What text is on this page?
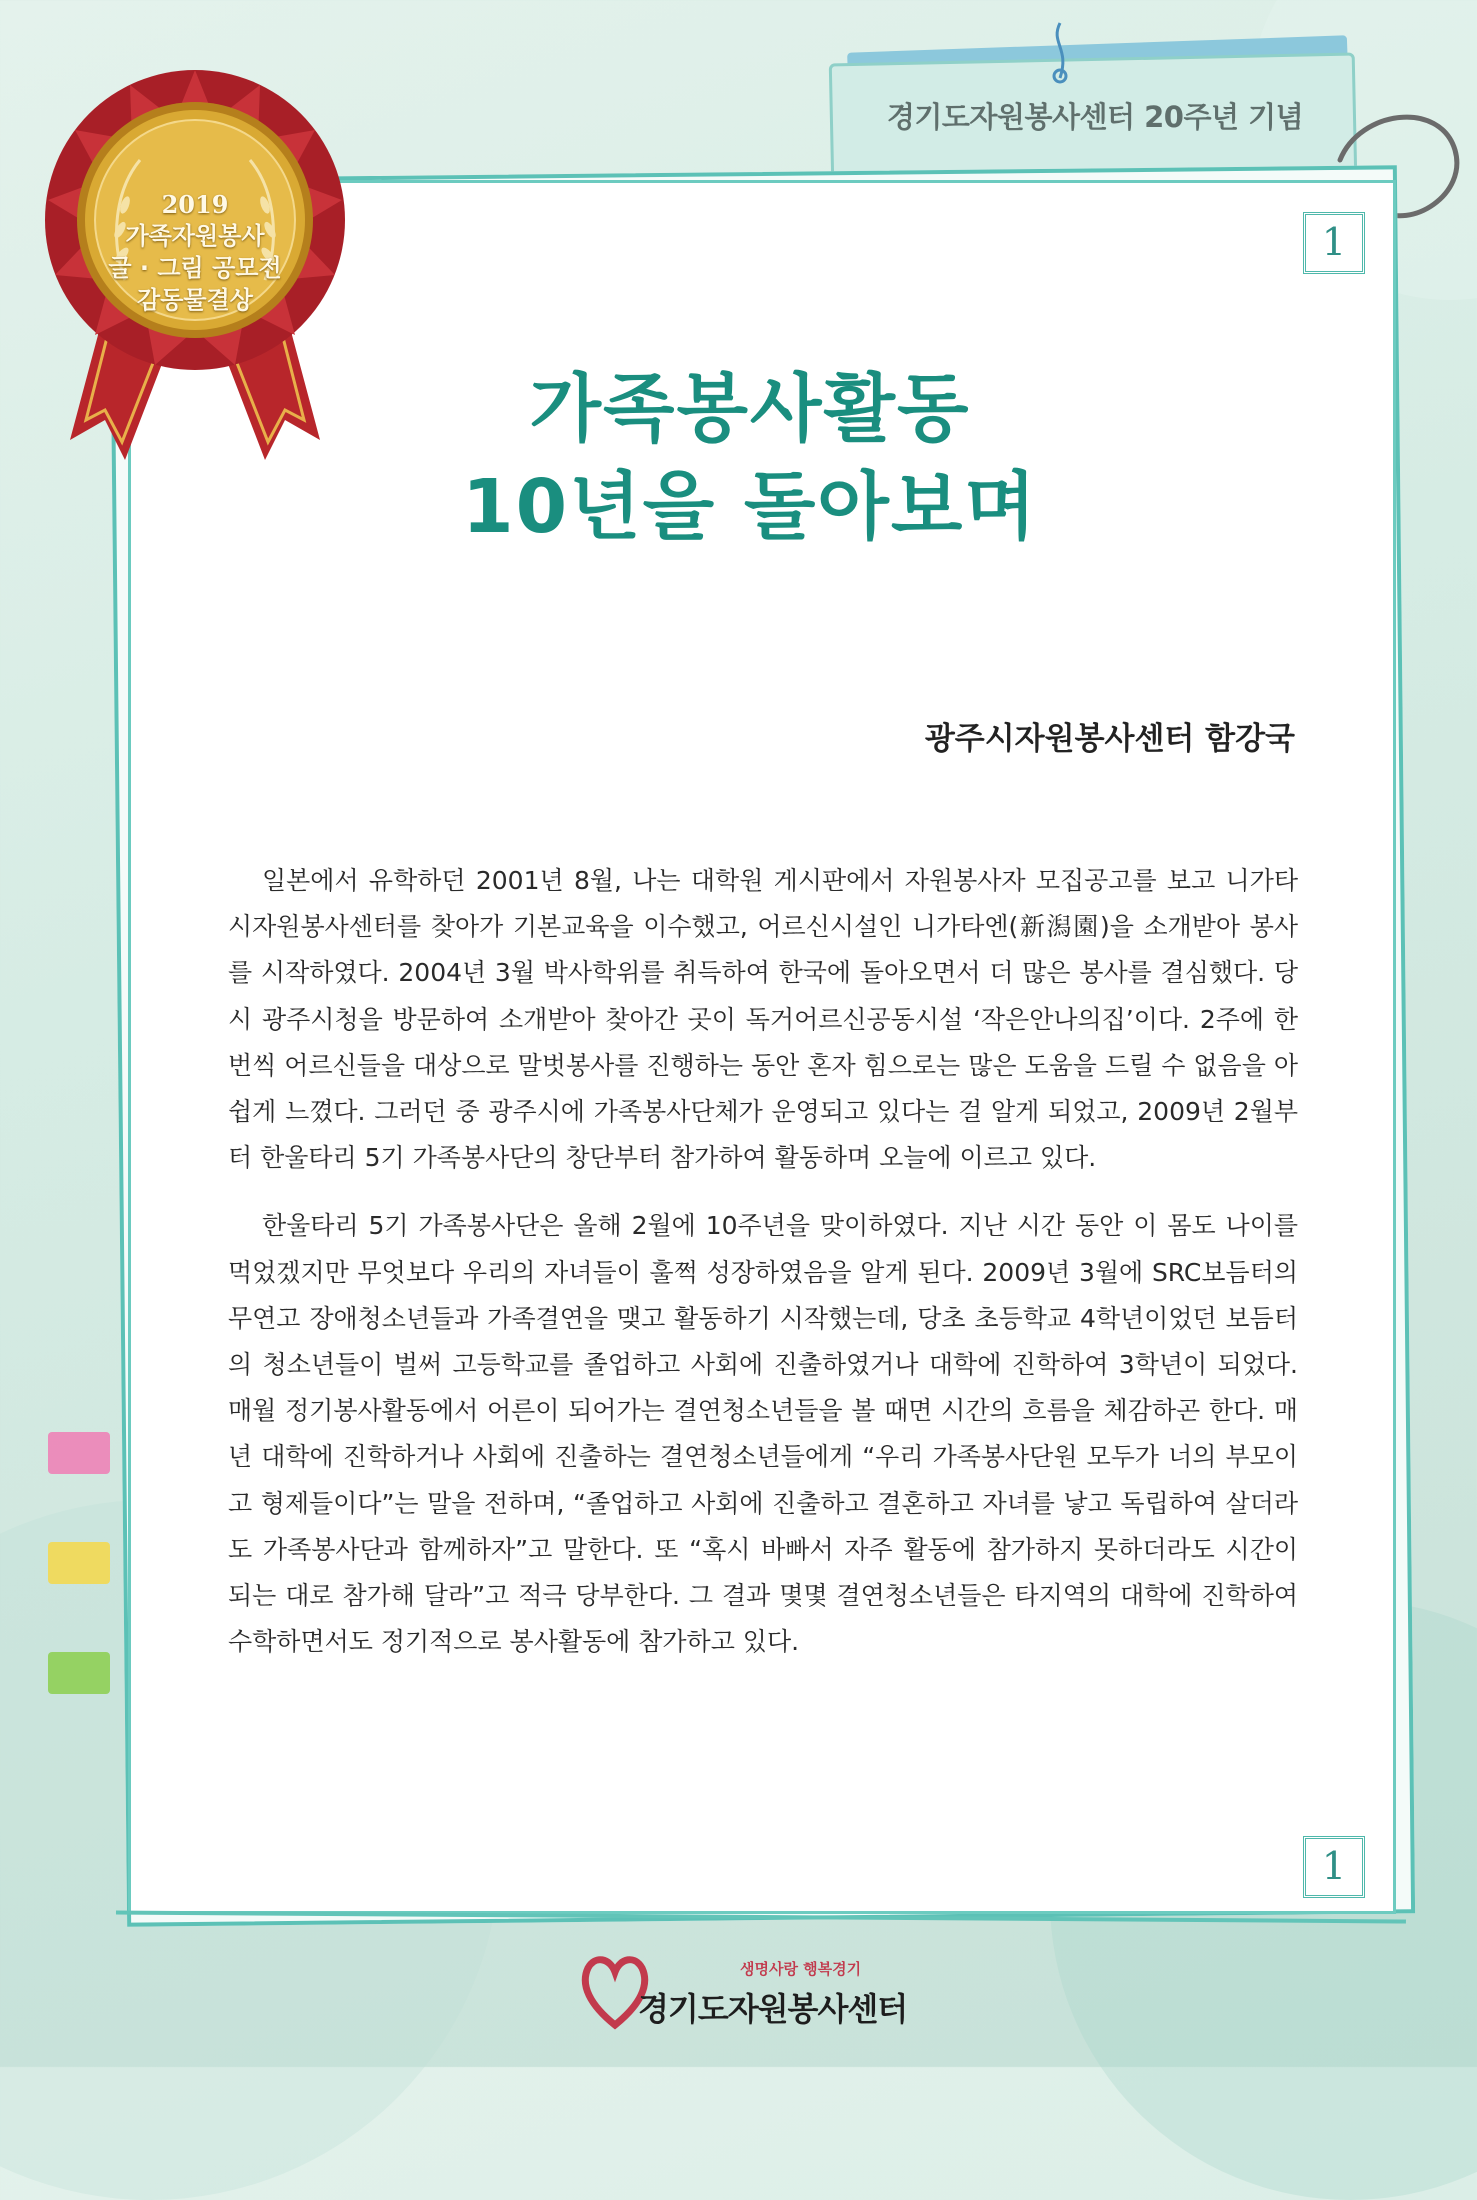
경기도자원봉사센터 20주년 기념
1
1
2019
가족자원봉사
글 · 그림 공모전
감동물결상
가족봉사활동
10년을 돌아보며
광주시자원봉사센터 함강국

일본에서 유학하던 2001년 8월, 나는 대학원 게시판에서 자원봉사자 모집공고를 보고 니가타시자원봉사센터를 찾아가 기본교육을 이수했고, 어르신시설인 니가타엔(新潟園)을 소개받아 봉사를 시작하였다. 2004년 3월 박사학위를 취득하여 한국에 돌아오면서 더 많은 봉사를 결심했다. 당시 광주시청을 방문하여 소개받아 찾아간 곳이 독거어르신공동시설 ‘작은안나의집’이다. 2주에 한 번씩 어르신들을 대상으로 말벗봉사를 진행하는 동안 혼자 힘으로는 많은 도움을 드릴 수 없음을 아쉽게 느꼈다. 그러던 중 광주시에 가족봉사단체가 운영되고 있다는 걸 알게 되었고, 2009년 2월부터 한울타리 5기 가족봉사단의 창단부터 참가하여 활동하며 오늘에 이르고 있다.

한울타리 5기 가족봉사단은 올해 2월에 10주년을 맞이하였다. 지난 시간 동안 이 몸도 나이를 먹었겠지만 무엇보다 우리의 자녀들이 훌쩍 성장하였음을 알게 된다. 2009년 3월에 SRC보듬터의 무연고 장애청소년들과 가족결연을 맺고 활동하기 시작했는데, 당초 초등학교 4학년이었던 보듬터의 청소년들이 벌써 고등학교를 졸업하고 사회에 진출하였거나 대학에 진학하여 3학년이 되었다. 매월 정기봉사활동에서 어른이 되어가는 결연청소년들을 볼 때면 시간의 흐름을 체감하곤 한다. 매년 대학에 진학하거나 사회에 진출하는 결연청소년들에게 “우리 가족봉사단원 모두가 너의 부모이고 형제들이다”는 말을 전하며, “졸업하고 사회에 진출하고 결혼하고 자녀를 낳고 독립하여 살더라도 가족봉사단과 함께하자”고 말한다. 또 “혹시 바빠서 자주 활동에 참가하지 못하더라도 시간이 되는 대로 참가해 달라”고 적극 당부한다. 그 결과 몇몇 결연청소년들은 타지역의 대학에 진학하여 수학하면서도 정기적으로 봉사활동에 참가하고 있다.

생명사랑 행복경기
경기도자원봉사센터
